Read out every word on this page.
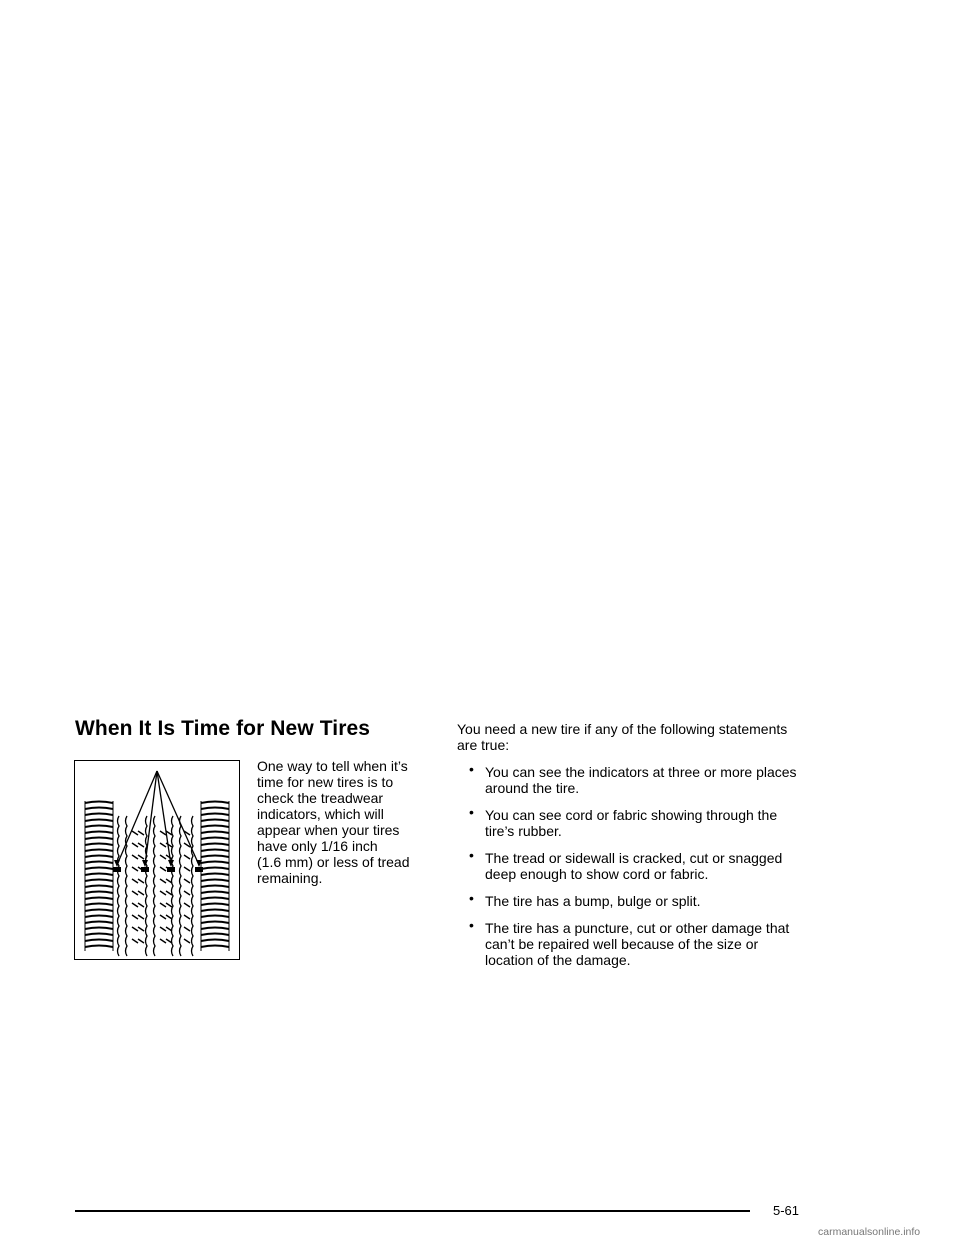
When It Is Time for New Tires
One way to tell when it’s
time for new tires is to
check the treadwear
indicators, which will
appear when your tires
have only 1/16 inch
(1.6 mm) or less of tread
remaining.

You need a new tire if any of the following statements
are true:

• You can see the indicators at three or more places
around the tire.
• You can see cord or fabric showing through the
tire’s rubber.
• The tread or sidewall is cracked, cut or snagged
deep enough to show cord or fabric.
• The tire has a bump, bulge or split.
• The tire has a puncture, cut or other damage that
can’t be repaired well because of the size or
location of the damage.
5-61
carmanualsonline.info
